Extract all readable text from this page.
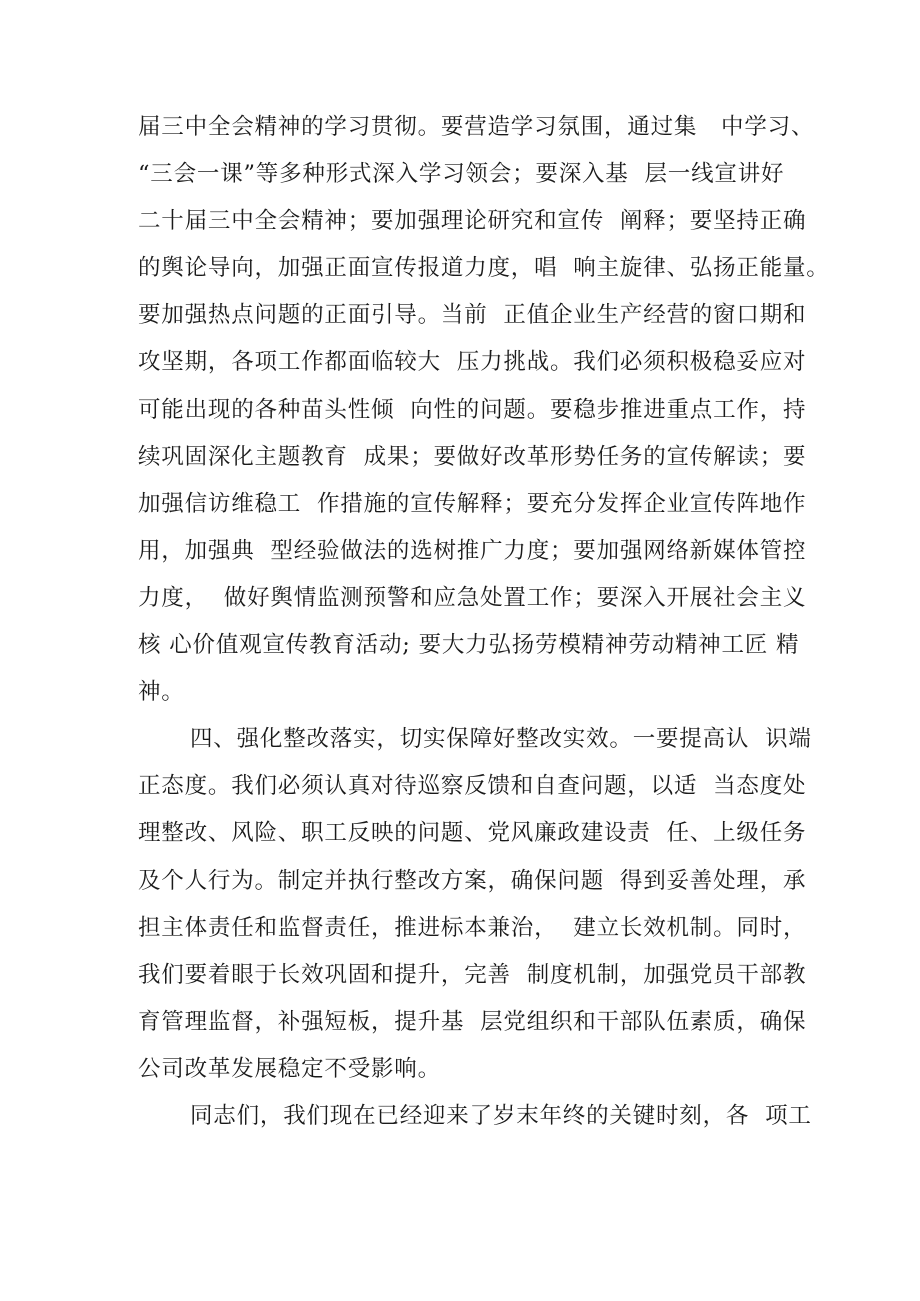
届三中全会精神的学习贯彻。要营造学习氛围，通过集   中学习、
“三会一课”等多种形式深入学习领会；要深入基  层一线宣讲好
二十届三中全会精神；要加强理论研究和宣传  阐释；要坚持正确
的舆论导向，加强正面宣传报道力度，唱  响主旋律、弘扬正能量。
要加强热点问题的正面引导。当前  正值企业生产经营的窗口期和
攻坚期，各项工作都面临较大  压力挑战。我们必须积极稳妥应对
可能出现的各种苗头性倾  向性的问题。要稳步推进重点工作，持
续巩固深化主题教育  成果；要做好改革形势任务的宣传解读；要
加强信访维稳工  作措施的宣传解释；要充分发挥企业宣传阵地作
用，加强典  型经验做法的选树推广力度；要加强网络新媒体管控
力度，  做好舆情监测预警和应急处置工作；要深入开展社会主义
核 心价值观宣传教育活动; 要大力弘扬劳模精神劳动精神工匠 精
神。
四、强化整改落实，切实保障好整改实效。一要提高认  识端
正态度。我们必须认真对待巡察反馈和自查问题，以适  当态度处
理整改、风险、职工反映的问题、党风廉政建设责  任、上级任务
及个人行为。制定并执行整改方案，确保问题  得到妥善处理，承
担主体责任和监督责任，推进标本兼治，  建立长效机制。同时，
我们要着眼于长效巩固和提升，完善  制度机制，加强党员干部教
育管理监督，补强短板，提升基  层党组织和干部队伍素质，确保
公司改革发展稳定不受影响。
同志们，我们现在已经迎来了岁末年终的关键时刻，各  项工
